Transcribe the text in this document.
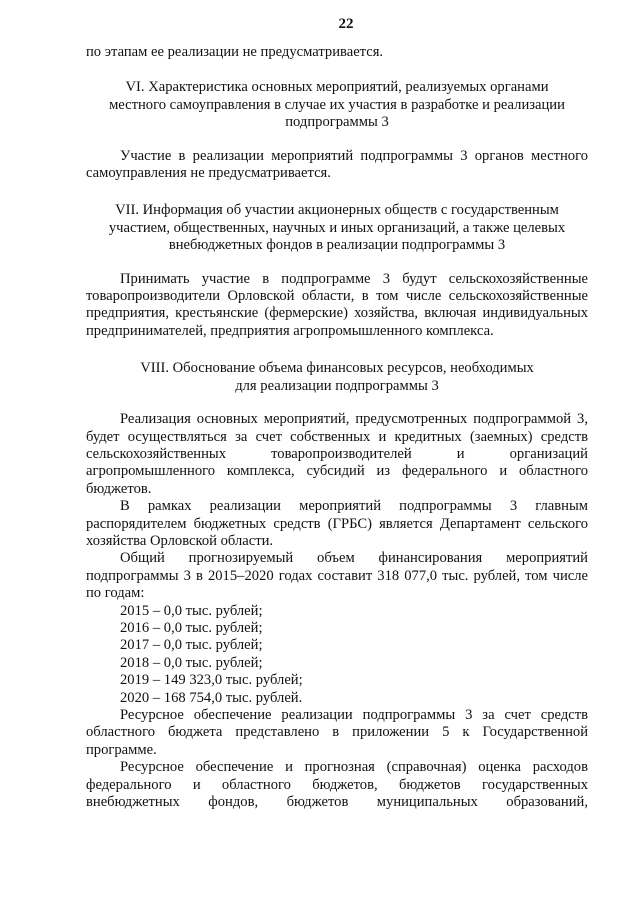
22

по этапам ее реализации не предусматривается.

VI. Характеристика основных мероприятий, реализуемых органами местного самоуправления в случае их участия в разработке и реализации подпрограммы 3

Участие в реализации мероприятий подпрограммы 3 органов местного самоуправления не предусматривается.

VII. Информация об участии акционерных обществ с государственным участием, общественных, научных и иных организаций, а также целевых внебюджетных фондов в реализации подпрограммы 3

Принимать участие в подпрограмме 3 будут сельскохозяйственные товаропроизводители Орловской области, в том числе сельскохозяйственные предприятия, крестьянские (фермерские) хозяйства, включая индивидуальных предпринимателей, предприятия агропромышленного комплекса.

VIII. Обоснование объема финансовых ресурсов, необходимых

для реализации подпрограммы 3

Реализация основных мероприятий, предусмотренных подпрограммой 3, будет осуществляться за счет собственных и кредитных (заемных) средств сельскохозяйственных товаропроизводителей и организаций агропромышленного комплекса, субсидий из федерального и областного бюджетов.

В рамках реализации мероприятий подпрограммы 3 главным распорядителем бюджетных средств (ГРБС) является Департамент сельского хозяйства Орловской области.

Общий прогнозируемый объем финансирования мероприятий подпрограммы 3 в 2015–2020 годах составит 318 077,0 тыс. рублей, том числе по годам:

2015 – 0,0 тыс. рублей;
2016 – 0,0 тыс. рублей;
2017 – 0,0 тыс. рублей;
2018 – 0,0 тыс. рублей;
2019 – 149 323,0 тыс. рублей;
2020 – 168 754,0 тыс. рублей.

Ресурсное обеспечение реализации подпрограммы 3 за счет средств областного бюджета представлено в приложении 5 к Государственной программе.

Ресурсное обеспечение и прогнозная (справочная) оценка расходов федерального и областного бюджетов, бюджетов государственных внебюджетных фондов, бюджетов муниципальных образований,
